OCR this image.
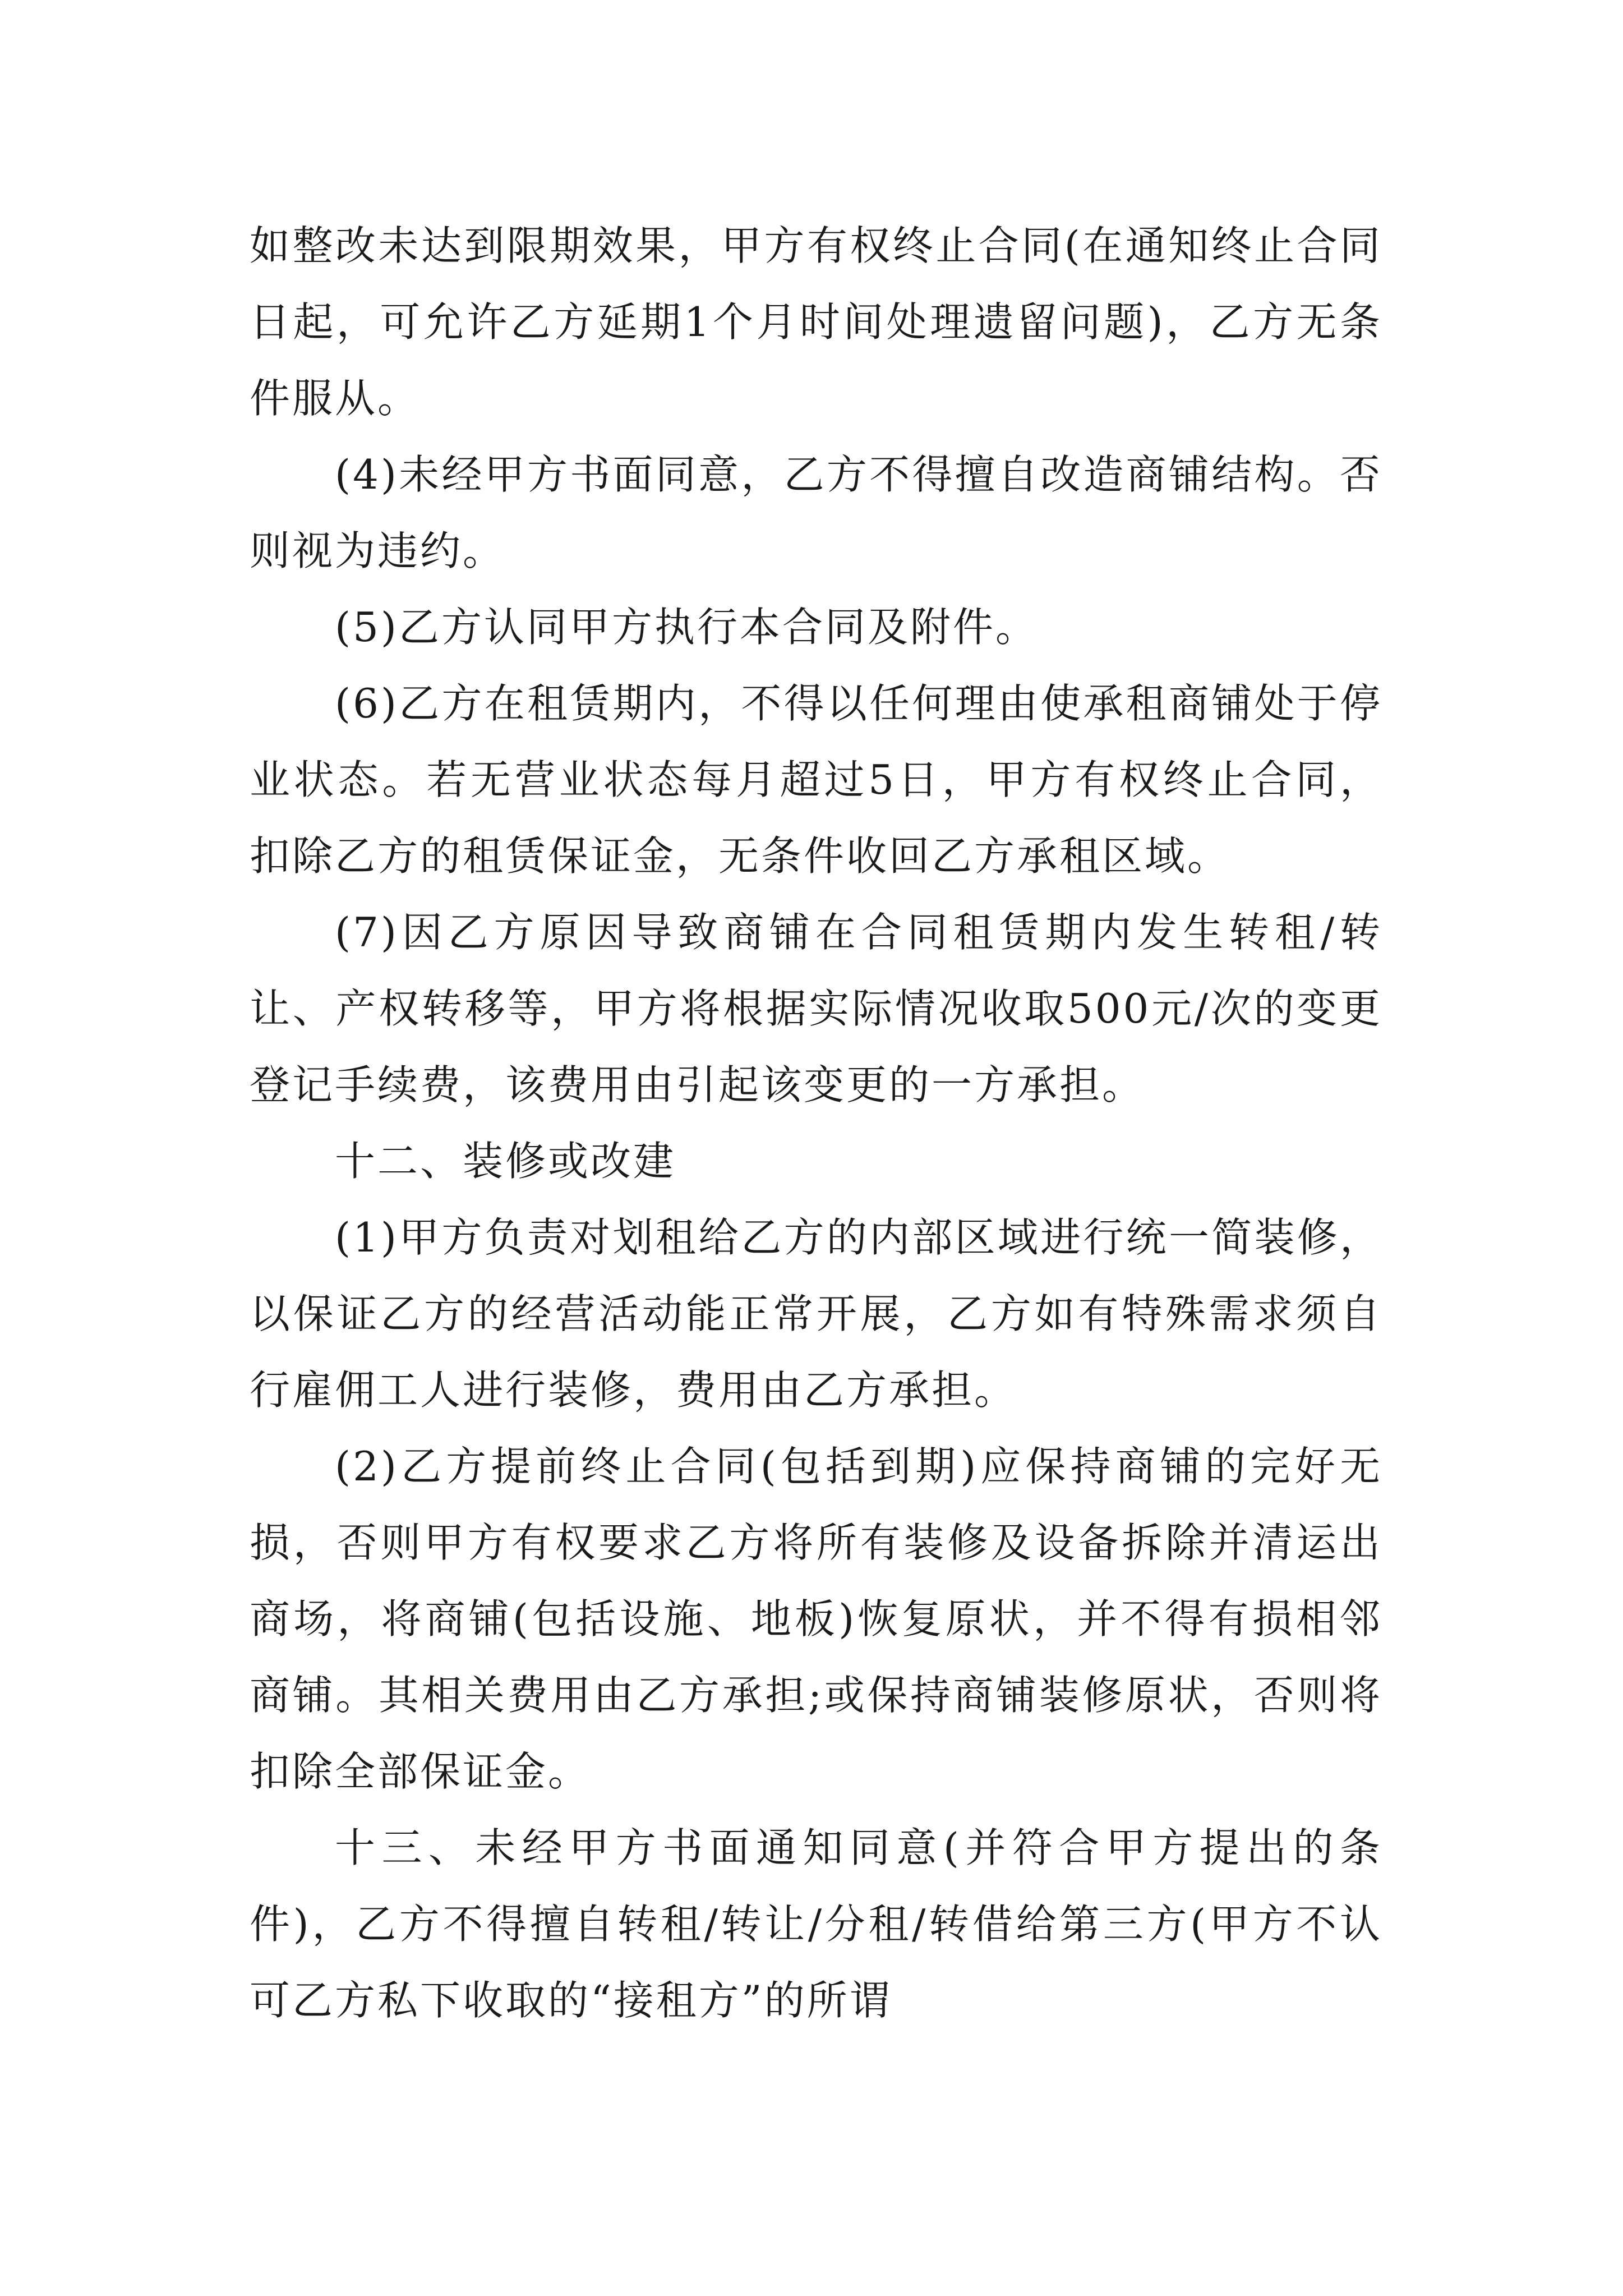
如整改未达到限期效果，甲方有权终止合同(在通知终止合同日起，可允许乙方延期1个月时间处理遗留问题)，乙方无条件服从。

(4)未经甲方书面同意，乙方不得擅自改造商铺结构。否则视为违约。

(5)乙方认同甲方执行本合同及附件。

(6)乙方在租赁期内，不得以任何理由使承租商铺处于停业状态。若无营业状态每月超过5日，甲方有权终止合同，扣除乙方的租赁保证金，无条件收回乙方承租区域。

(7)因乙方原因导致商铺在合同租赁期内发生转租/转让、产权转移等，甲方将根据实际情况收取500元/次的变更登记手续费，该费用由引起该变更的一方承担。

十二、装修或改建

(1)甲方负责对划租给乙方的内部区域进行统一简装修，以保证乙方的经营活动能正常开展，乙方如有特殊需求须自行雇佣工人进行装修，费用由乙方承担。

(2)乙方提前终止合同(包括到期)应保持商铺的完好无损，否则甲方有权要求乙方将所有装修及设备拆除并清运出商场，将商铺(包括设施、地板)恢复原状，并不得有损相邻商铺。其相关费用由乙方承担;或保持商铺装修原状，否则将扣除全部保证金。

十三、未经甲方书面通知同意(并符合甲方提出的条件)，乙方不得擅自转租/转让/分租/转借给第三方(甲方不认可乙方私下收取的“接租方”的所谓
